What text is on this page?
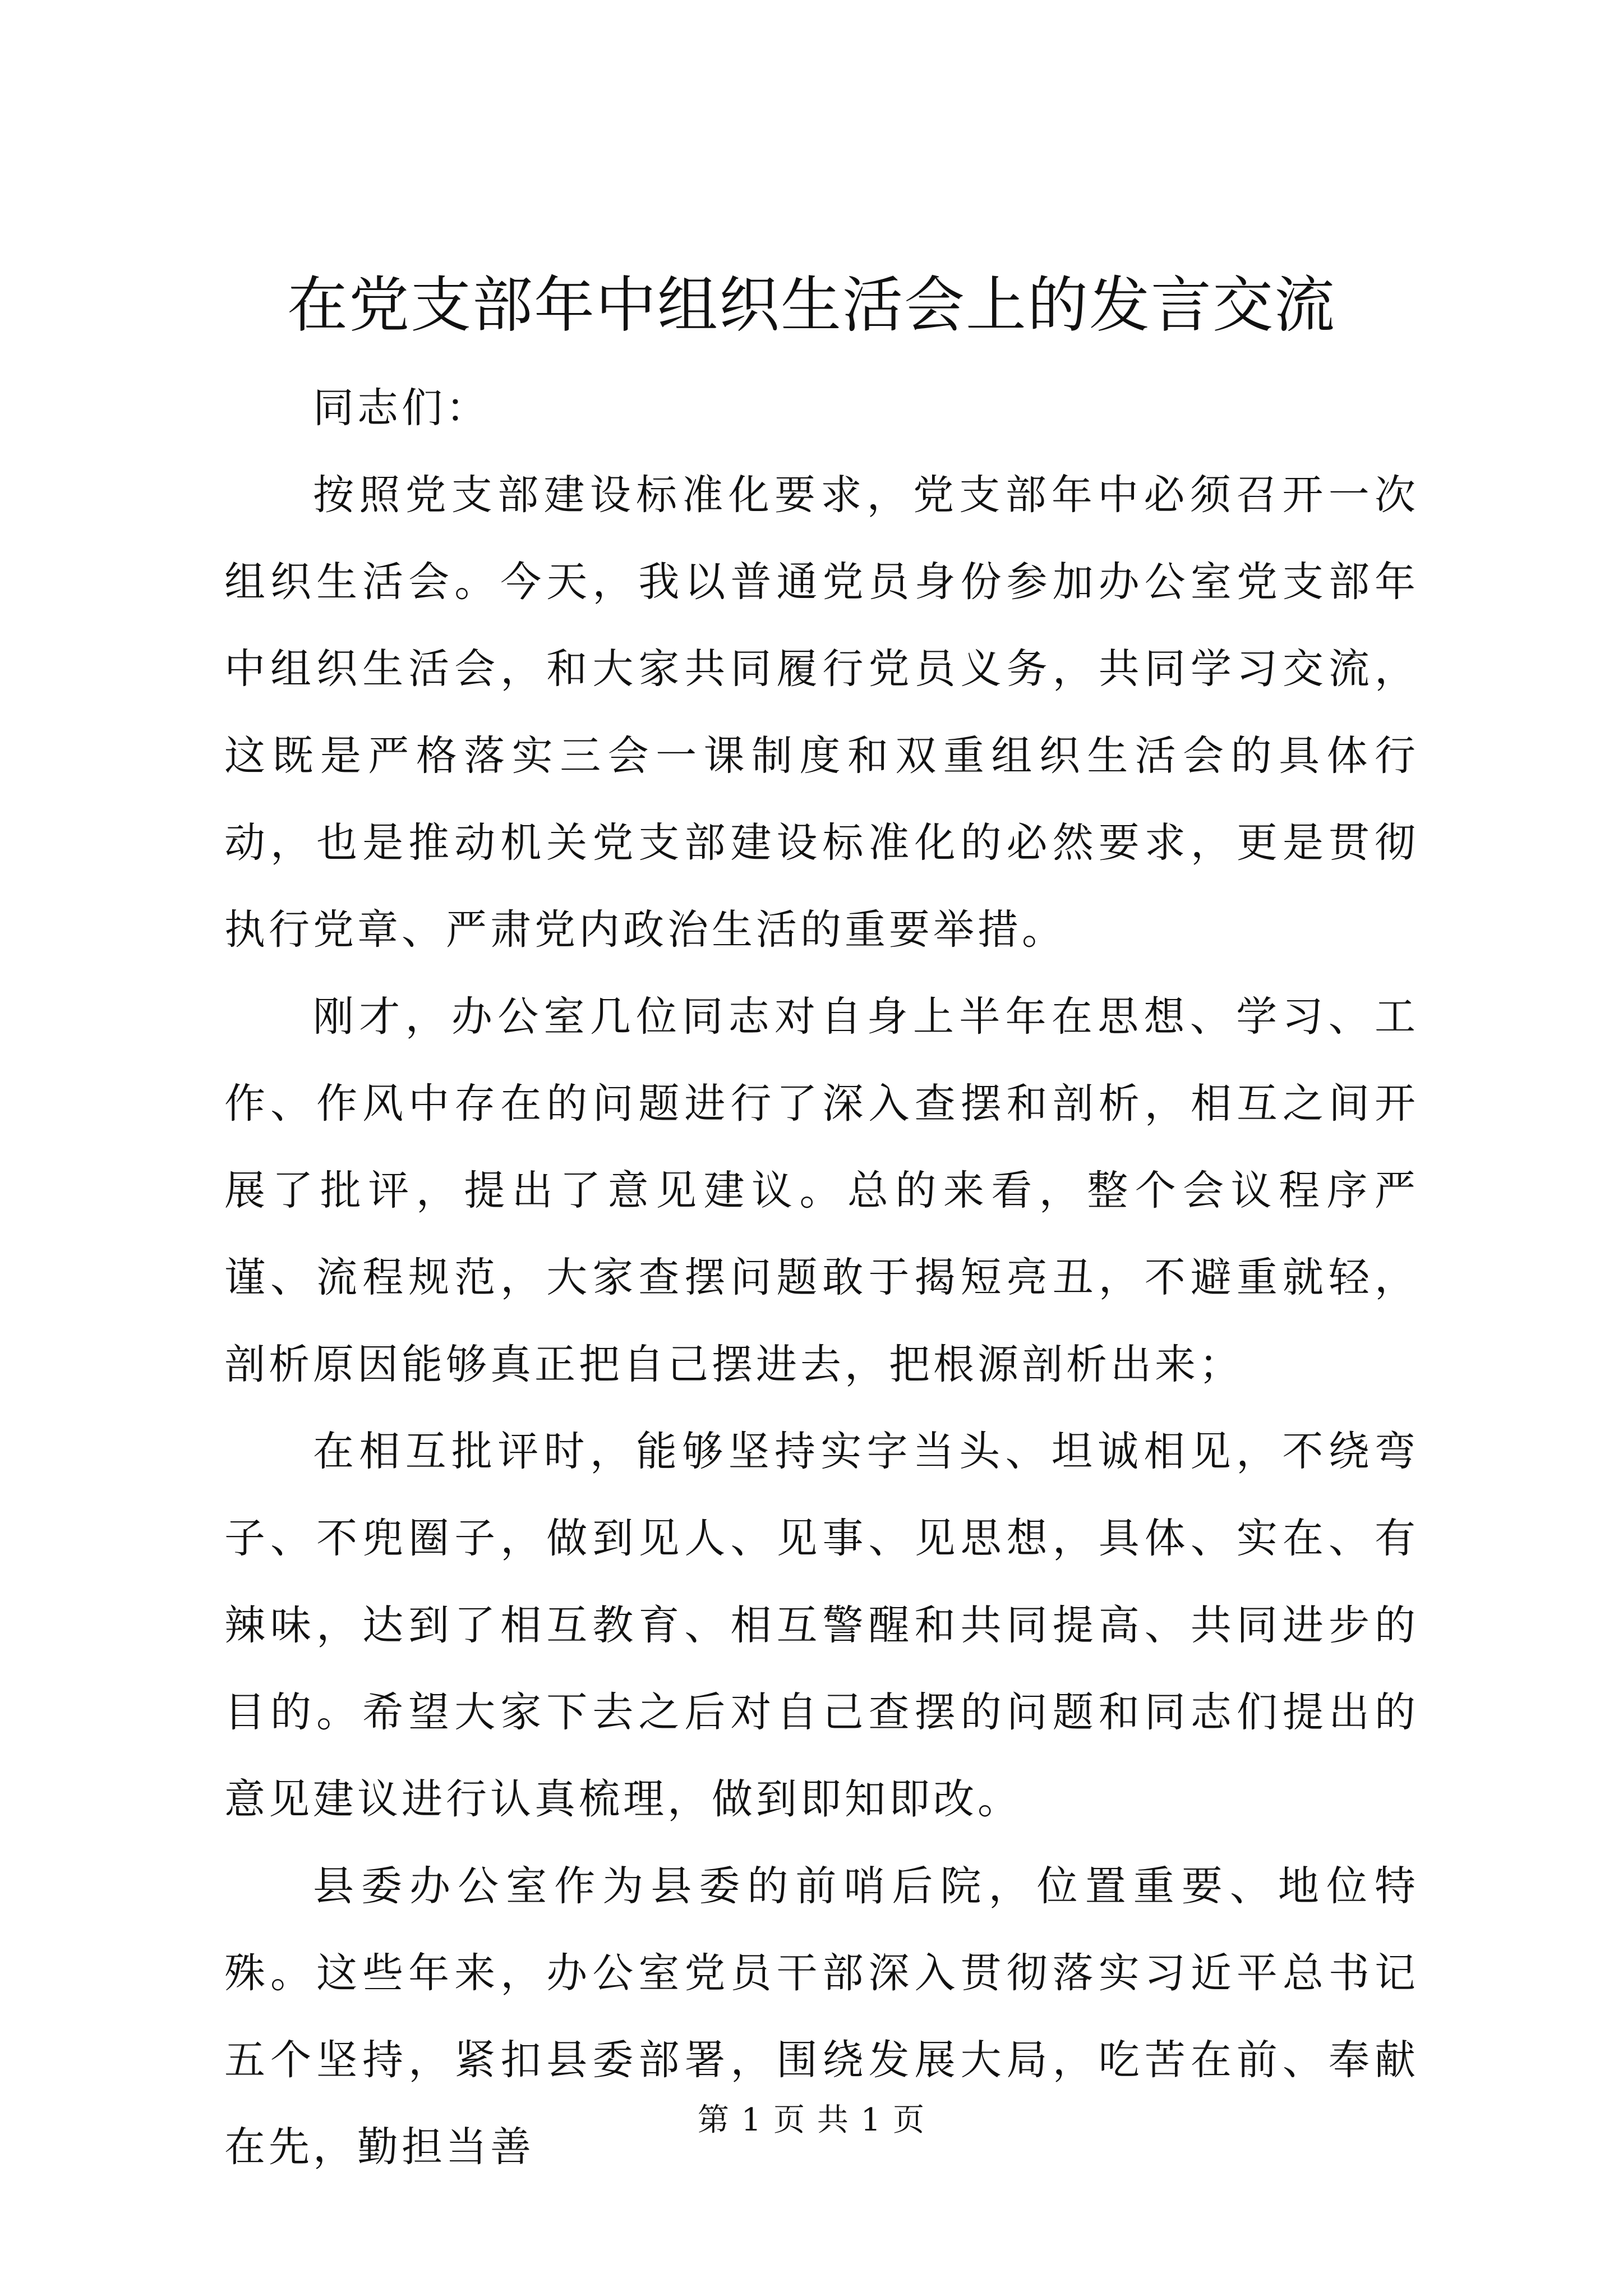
在党支部年中组织生活会上的发言交流

同志们：

按照党支部建设标准化要求，党支部年中必须召开一次组织生活会。今天，我以普通党员身份参加办公室党支部年中组织生活会，和大家共同履行党员义务，共同学习交流，这既是严格落实三会一课制度和双重组织生活会的具体行动，也是推动机关党支部建设标准化的必然要求，更是贯彻执行党章、严肃党内政治生活的重要举措。

刚才，办公室几位同志对自身上半年在思想、学习、工作、作风中存在的问题进行了深入查摆和剖析，相互之间开展了批评，提出了意见建议。总的来看，整个会议程序严谨、流程规范，大家查摆问题敢于揭短亮丑，不避重就轻，剖析原因能够真正把自己摆进去，把根源剖析出来；

在相互批评时，能够坚持实字当头、坦诚相见，不绕弯子、不兜圈子，做到见人、见事、见思想，具体、实在、有辣味，达到了相互教育、相互警醒和共同提高、共同进步的目的。希望大家下去之后对自己查摆的问题和同志们提出的意见建议进行认真梳理，做到即知即改。

县委办公室作为县委的前哨后院，位置重要、地位特殊。这些年来，办公室党员干部深入贯彻落实习近平总书记五个坚持，紧扣县委部署，围绕发展大局，吃苦在前、奉献在先，勤担当善

第 1 页 共 1 页
